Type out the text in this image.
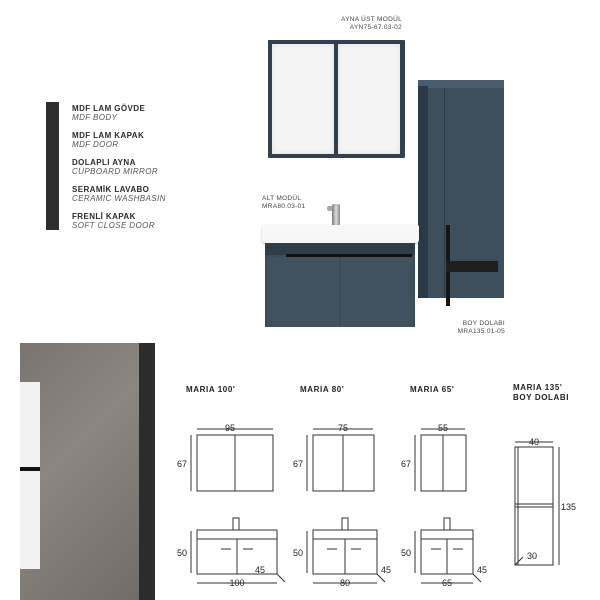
MDF LAM GÖVDE
MDF BODY
MDF LAM KAPAK
MDF DOOR
DOLAPLI AYNA
CUPBOARD MIRROR
SERAMİK LAVABO
CERAMIC WASHBASIN
FRENLİ KAPAK
SOFT CLOSE DOOR
AYNA ÜST MODÜL
AYN75-67.03-02
ALT MODÜL
MRA80.03-01
BOY DOLABI
MRA135.01-05
MARIA 100'	MARIA 80'	MARIA 65'	MARIA 135'
BOY DOLABI
95
67
50
45
100
75
67
50
45
80
55
67
50
45
65
40
135
30
